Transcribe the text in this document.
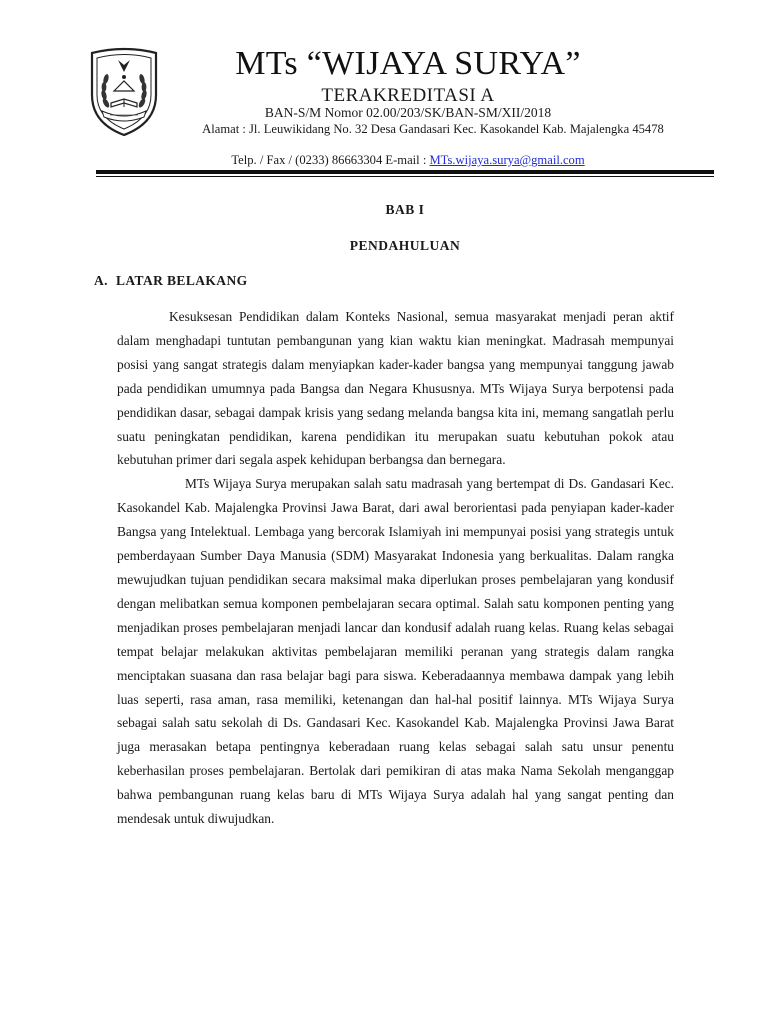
MTs “WIJAYA SURYA”
TERAKREDITASI A
BAN-S/M Nomor 02.00/203/SK/BAN-SM/XII/2018
Alamat : Jl. Leuwikidang No. 32 Desa Gandasari Kec. Kasokandel Kab. Majalengka 45478
Telp. / Fax / (0233) 86663304 E-mail : MTs.wijaya.surya@gmail.com
BAB I
PENDAHULUAN
A. LATAR BELAKANG

Kesuksesan Pendidikan dalam Konteks Nasional, semua masyarakat menjadi peran aktif dalam menghadapi tuntutan pembangunan yang kian waktu kian meningkat. Madrasah mempunyai posisi yang sangat strategis dalam menyiapkan kader-kader bangsa yang mempunyai tanggung jawab pada pendidikan umumnya pada Bangsa dan Negara Khususnya. MTs Wijaya Surya berpotensi pada pendidikan dasar, sebagai dampak krisis yang sedang melanda bangsa kita ini, memang sangatlah perlu suatu peningkatan pendidikan, karena pendidikan itu merupakan suatu kebutuhan pokok atau kebutuhan primer dari segala aspek kehidupan berbangsa dan bernegara.

MTs Wijaya Surya merupakan salah satu madrasah yang bertempat di Ds. Gandasari Kec. Kasokandel Kab. Majalengka Provinsi Jawa Barat, dari awal berorientasi pada penyiapan kader-kader Bangsa yang Intelektual. Lembaga yang bercorak Islamiyah ini mempunyai posisi yang strategis untuk pemberdayaan Sumber Daya Manusia (SDM) Masyarakat Indonesia yang berkualitas. Dalam rangka mewujudkan tujuan pendidikan secara maksimal maka diperlukan proses pembelajaran yang kondusif dengan melibatkan semua komponen pembelajaran secara optimal. Salah satu komponen penting yang menjadikan proses pembelajaran menjadi lancar dan kondusif adalah ruang kelas. Ruang kelas sebagai tempat belajar melakukan aktivitas pembelajaran memiliki peranan yang strategis dalam rangka menciptakan suasana dan rasa belajar bagi para siswa. Keberadaannya membawa dampak yang lebih luas seperti, rasa aman, rasa memiliki, ketenangan dan hal-hal positif lainnya. MTs Wijaya Surya sebagai salah satu sekolah di Ds. Gandasari Kec. Kasokandel Kab. Majalengka Provinsi Jawa Barat juga merasakan betapa pentingnya keberadaan ruang kelas sebagai salah satu unsur penentu keberhasilan proses pembelajaran. Bertolak dari pemikiran di atas maka Nama Sekolah menganggap bahwa pembangunan ruang kelas baru di MTs Wijaya Surya adalah hal yang sangat penting dan mendesak untuk diwujudkan.
